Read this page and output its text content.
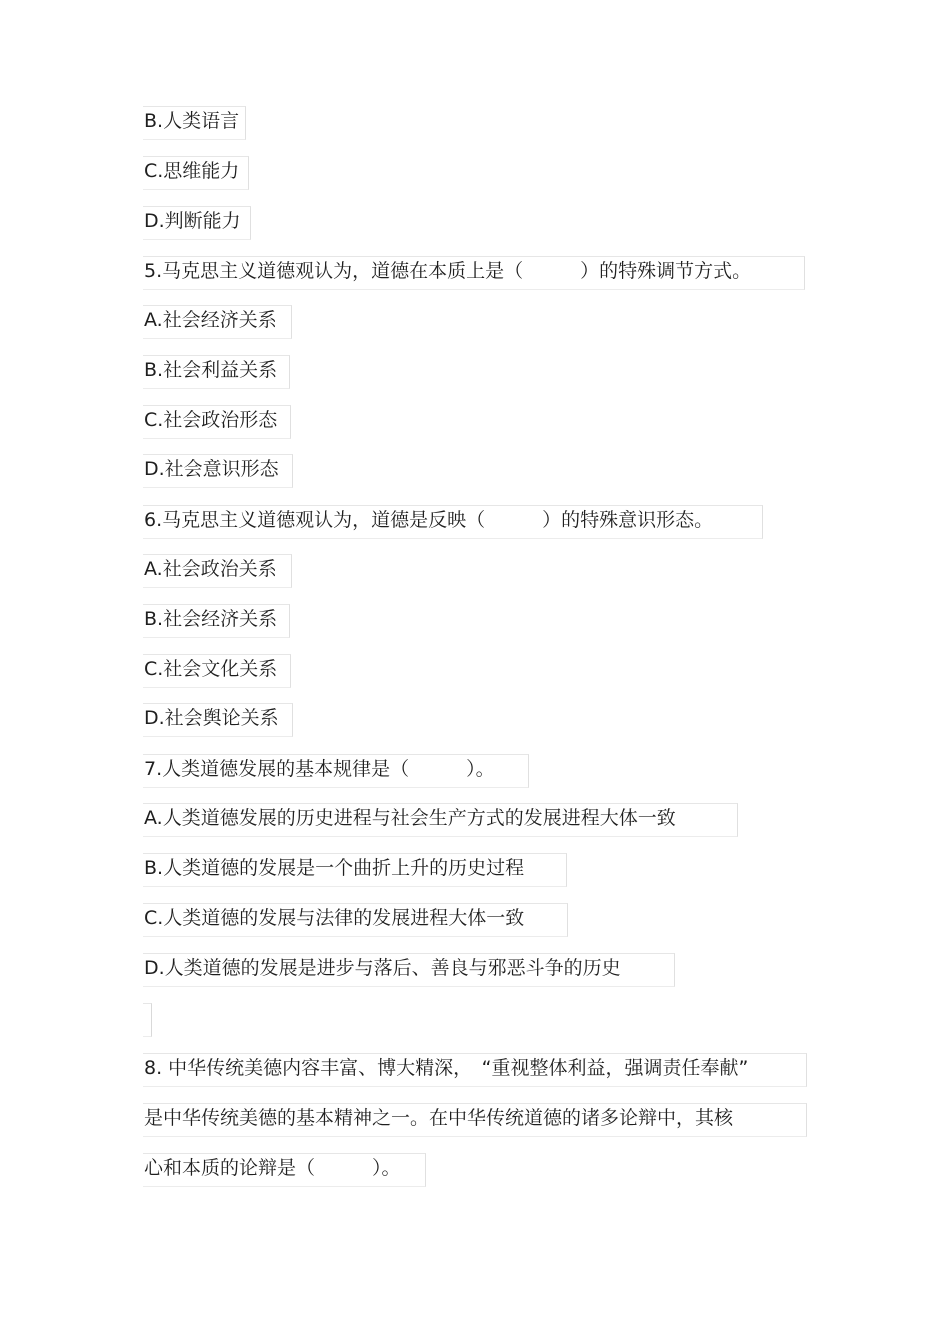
B.人类语言
C.思维能力
D.判断能力
5.马克思主义道德观认为，道德在本质上是（　　　）的特殊调节方式。
A.社会经济关系
B.社会利益关系
C.社会政治形态
D.社会意识形态
6.马克思主义道德观认为，道德是反映（　　　）的特殊意识形态。
A.社会政治关系
B.社会经济关系
C.社会文化关系
D.社会舆论关系
7.人类道德发展的基本规律是（　　　）。
A.人类道德发展的历史进程与社会生产方式的发展进程大体一致
B.人类道德的发展是一个曲折上升的历史过程
C.人类道德的发展与法律的发展进程大体一致
D.人类道德的发展是进步与落后、善良与邪恶斗争的历史
8. 中华传统美德内容丰富、博大精深，　“重视整体利益，强调责任奉献”
是中华传统美德的基本精神之一。在中华传统道德的诸多论辩中，其核
心和本质的论辩是（　　　）。
